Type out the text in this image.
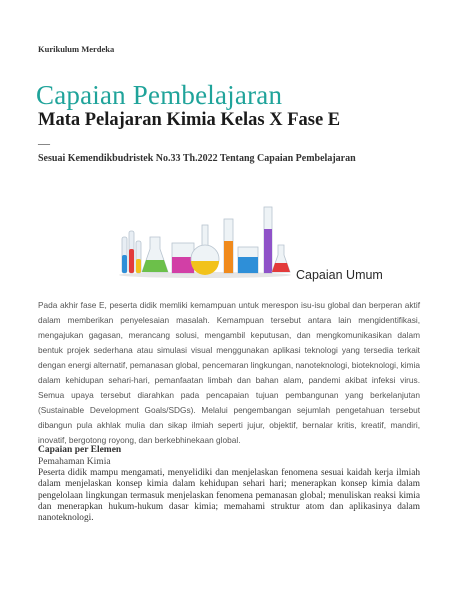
Kurikulum Merdeka
Capaian Pembelajaran
Mata Pelajaran Kimia Kelas X Fase E
—
Sesuai Kemendikbudristek No.33 Th.2022 Tentang Capaian Pembelajaran
Capaian Umum

Pada akhir fase E, peserta didik memliki kemampuan untuk merespon isu-isu global dan berperan aktif dalam memberikan penyelesaian masalah. Kemampuan tersebut antara lain mengidentifikasi, mengajukan gagasan, merancang solusi, mengambil keputusan, dan mengkomunikasikan dalam bentuk projek sederhana atau simulasi visual menggunakan aplikasi teknologi yang tersedia terkait dengan energi alternatif, pemanasan global, pencemaran lingkungan, nanoteknologi, bioteknologi, kimia dalam kehidupan sehari-hari, pemanfaatan limbah dan bahan alam, pandemi akibat infeksi virus. Semua upaya tersebut diarahkan pada pencapaian tujuan pembangunan yang berkelanjutan (Sustainable Development Goals/SDGs). Melalui pengembangan sejumlah pengetahuan tersebut dibangun pula akhlak mulia dan sikap ilmiah seperti jujur, objektif, bernalar kritis, kreatif, mandiri, inovatif, bergotong royong, dan berkebhinekaan global.

Capaian per Elemen
Pemahaman Kimia

Peserta didik mampu mengamati, menyelidiki dan menjelaskan fenomena sesuai kaidah kerja ilmiah dalam menjelaskan konsep kimia dalam kehidupan sehari hari; menerapkan konsep kimia dalam pengelolaan lingkungan termasuk menjelaskan fenomena pemanasan global; menuliskan reaksi kimia dan menerapkan hukum-hukum dasar kimia; memahami struktur atom dan aplikasinya dalam nanoteknologi.
